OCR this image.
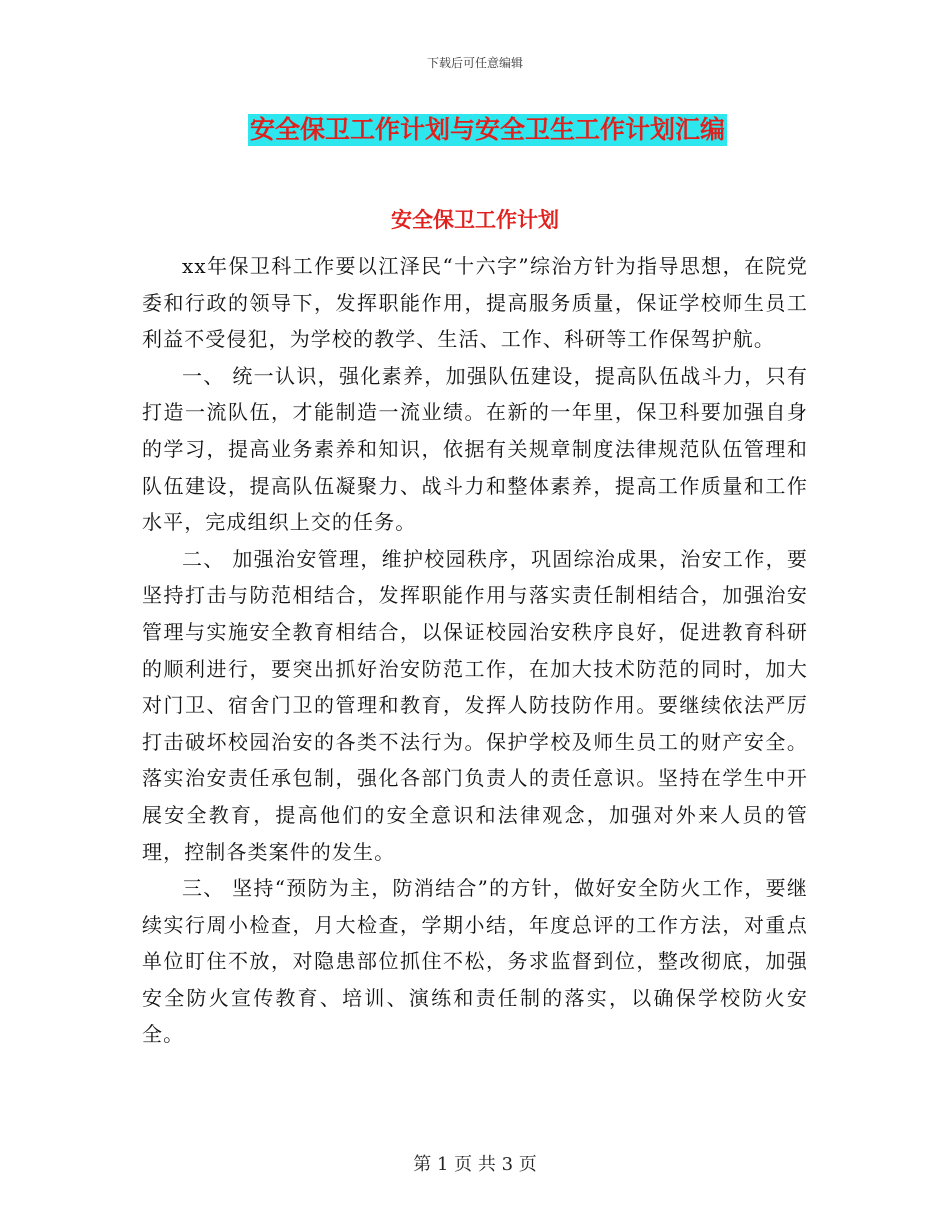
下载后可任意编辑
安全保卫工作计划与安全卫生工作计划汇编
安全保卫工作计划

xx年保卫科工作要以江泽民“十六字”综治方针为指导思想，在院党委和行政的领导下，发挥职能作用，提高服务质量，保证学校师生员工利益不受侵犯，为学校的教学、生活、工作、科研等工作保驾护航。

一、 统一认识，强化素养，加强队伍建设，提高队伍战斗力，只有打造一流队伍，才能制造一流业绩。在新的一年里，保卫科要加强自身的学习，提高业务素养和知识，依据有关规章制度法律规范队伍管理和队伍建设，提高队伍凝聚力、战斗力和整体素养，提高工作质量和工作水平，完成组织上交的任务。

二、 加强治安管理，维护校园秩序，巩固综治成果，治安工作，要坚持打击与防范相结合，发挥职能作用与落实责任制相结合，加强治安管理与实施安全教育相结合，以保证校园治安秩序良好，促进教育科研的顺利进行，要突出抓好治安防范工作，在加大技术防范的同时，加大对门卫、宿舍门卫的管理和教育，发挥人防技防作用。要继续依法严厉打击破坏校园治安的各类不法行为。保护学校及师生员工的财产安全。落实治安责任承包制，强化各部门负责人的责任意识。坚持在学生中开展安全教育，提高他们的安全意识和法律观念，加强对外来人员的管理，控制各类案件的发生。

三、 坚持“预防为主，防消结合”的方针，做好安全防火工作，要继续实行周小检查，月大检查，学期小结，年度总评的工作方法，对重点单位盯住不放，对隐患部位抓住不松，务求监督到位，整改彻底，加强安全防火宣传教育、培训、演练和责任制的落实，以确保学校防火安全。

第 1 页 共 3 页
